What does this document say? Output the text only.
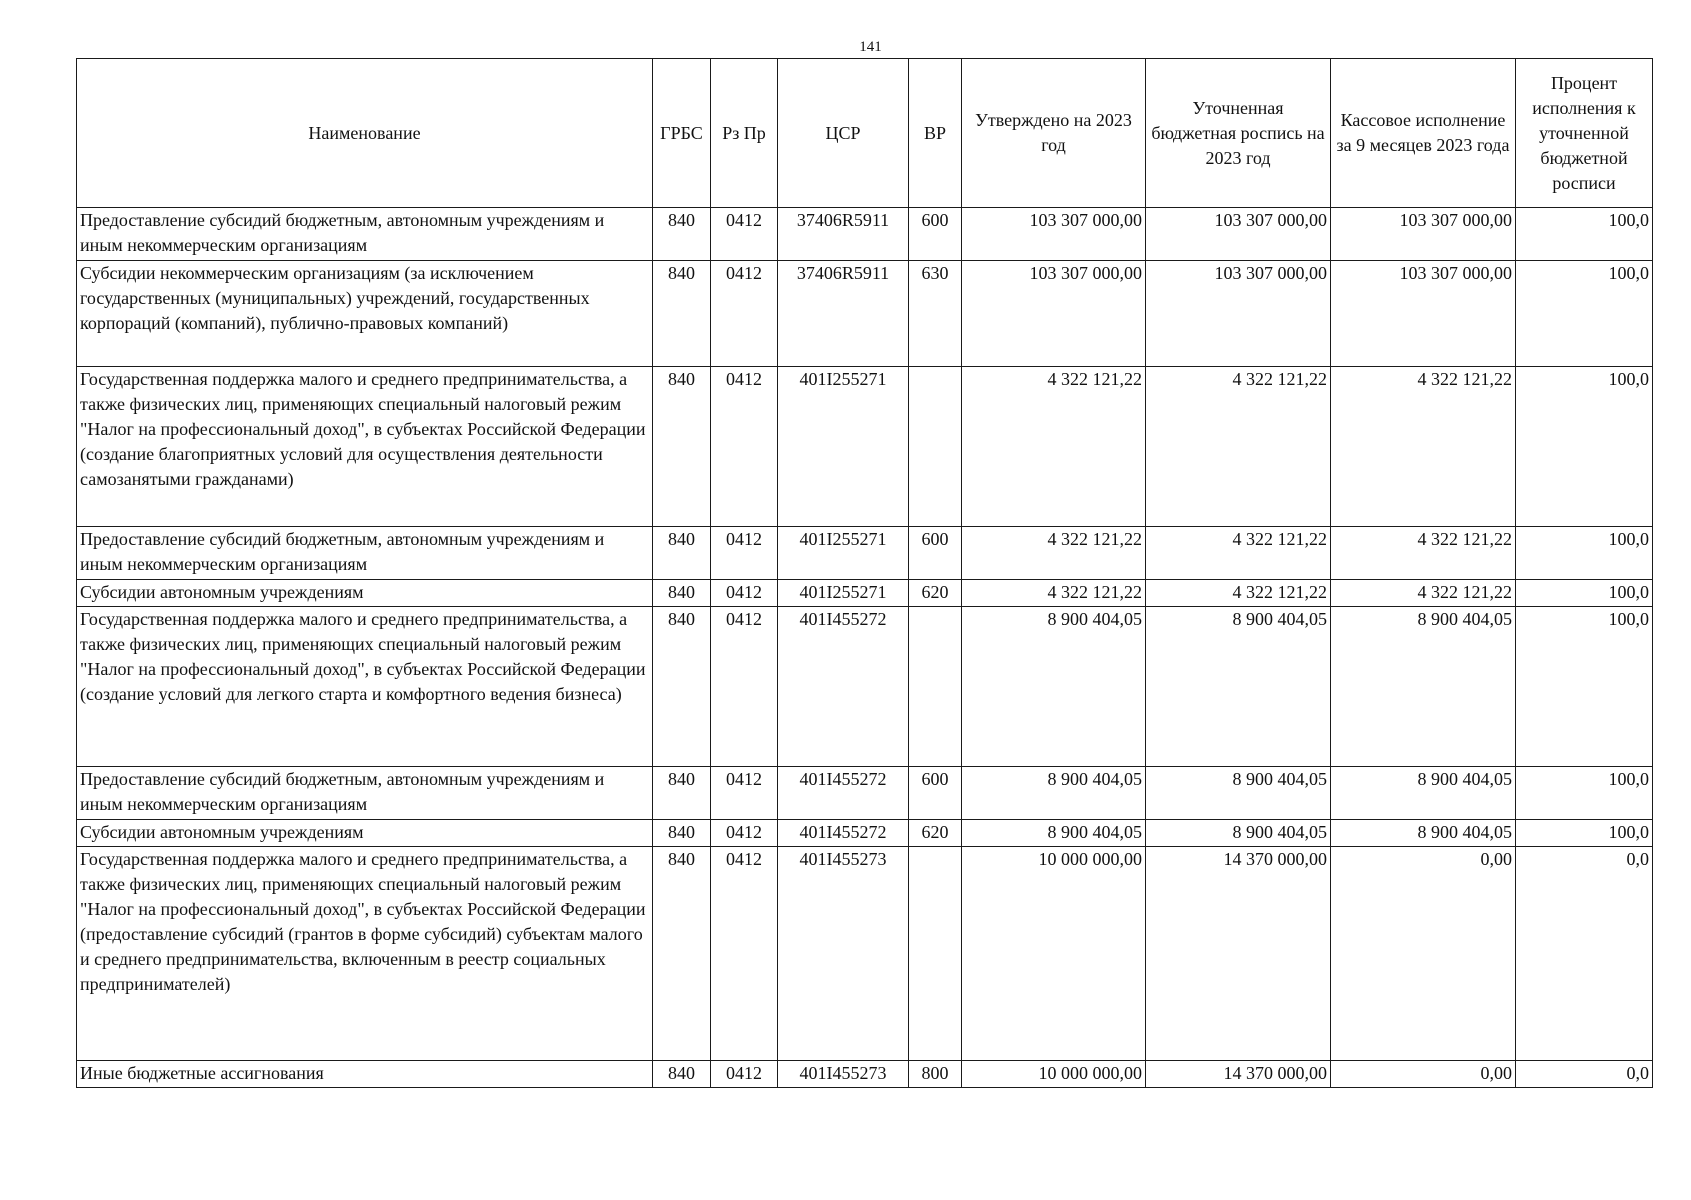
141
Наименование	ГРБС	Рз Пр	ЦСР	ВР	Утверждено на 2023 год	Уточненная бюджетная роспись на 2023 год	Кассовое исполнение за 9 месяцев 2023 года	Процент исполнения к уточненной бюджетной росписи
Предоставление субсидий бюджетным, автономным учреждениям и иным некоммерческим организациям	840	0412	37406R5911	600	103 307 000,00	103 307 000,00	103 307 000,00	100,0
Субсидии некоммерческим организациям (за исключением государственных (муниципальных) учреждений, государственных корпораций (компаний), публично-правовых компаний)	840	0412	37406R5911	630	103 307 000,00	103 307 000,00	103 307 000,00	100,0
Государственная поддержка малого и среднего предпринимательства, а также физических лиц, применяющих специальный налоговый режим "Налог на профессиональный доход", в субъектах Российской Федерации (создание благоприятных условий для осуществления деятельности самозанятыми гражданами)	840	0412	401I255271		4 322 121,22	4 322 121,22	4 322 121,22	100,0
Предоставление субсидий бюджетным, автономным учреждениям и иным некоммерческим организациям	840	0412	401I255271	600	4 322 121,22	4 322 121,22	4 322 121,22	100,0
Субсидии автономным учреждениям	840	0412	401I255271	620	4 322 121,22	4 322 121,22	4 322 121,22	100,0
Государственная поддержка малого и среднего предпринимательства, а также физических лиц, применяющих специальный налоговый режим "Налог на профессиональный доход", в субъектах Российской Федерации (создание условий для легкого старта и комфортного ведения бизнеса)	840	0412	401I455272		8 900 404,05	8 900 404,05	8 900 404,05	100,0
Предоставление субсидий бюджетным, автономным учреждениям и иным некоммерческим организациям	840	0412	401I455272	600	8 900 404,05	8 900 404,05	8 900 404,05	100,0
Субсидии автономным учреждениям	840	0412	401I455272	620	8 900 404,05	8 900 404,05	8 900 404,05	100,0
Государственная поддержка малого и среднего предпринимательства, а также физических лиц, применяющих специальный налоговый режим "Налог на профессиональный доход", в субъектах Российской Федерации (предоставление субсидий (грантов в форме субсидий) субъектам малого и среднего предпринимательства, включенным в реестр социальных предпринимателей)	840	0412	401I455273		10 000 000,00	14 370 000,00	0,00	0,0
Иные бюджетные ассигнования	840	0412	401I455273	800	10 000 000,00	14 370 000,00	0,00	0,0
